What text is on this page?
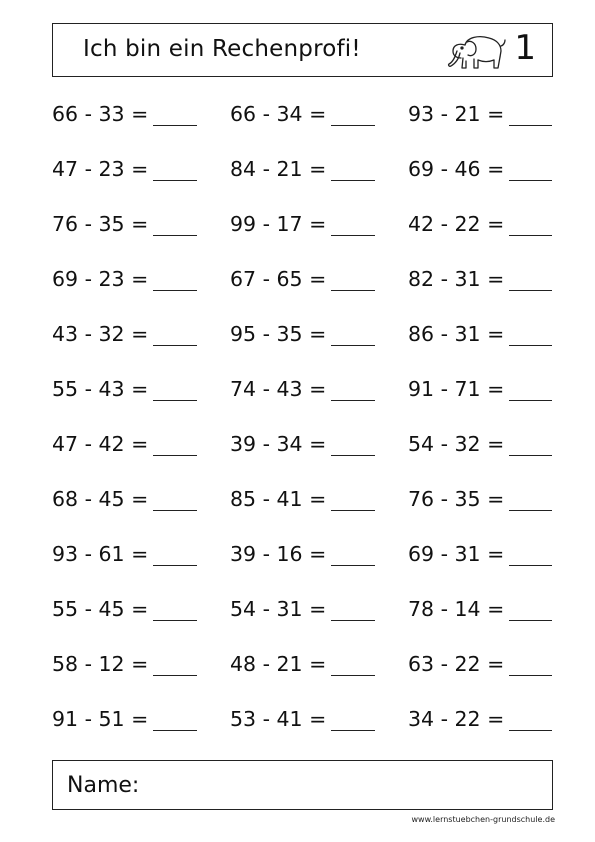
Ich bin ein Rechenprofi!	1
66 - 33 =	66 - 34 =	93 - 21 =
47 - 23 =	84 - 21 =	69 - 46 =
76 - 35 =	99 - 17 =	42 - 22 =
69 - 23 =	67 - 65 =	82 - 31 =
43 - 32 =	95 - 35 =	86 - 31 =
55 - 43 =	74 - 43 =	91 - 71 =
47 - 42 =	39 - 34 =	54 - 32 =
68 - 45 =	85 - 41 =	76 - 35 =
93 - 61 =	39 - 16 =	69 - 31 =
55 - 45 =	54 - 31 =	78 - 14 =
58 - 12 =	48 - 21 =	63 - 22 =
91 - 51 =	53 - 41 =	34 - 22 =
Name:
www.lernstuebchen-grundschule.de
